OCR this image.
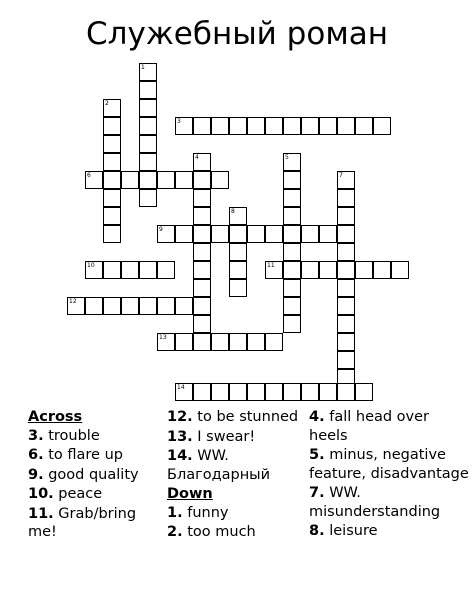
Служебный роман
1
2
3
4	5
6	7
8
9
10	11
12
13
14
Across
3. trouble
6. to flare up
9. good quality
10. peace
11. Grab/bring me!
12. to be stunned
13. I swear!
14. WW. Благодарный
Down
1. funny
2. too much
4. fall head over heels
5. minus, negative feature, disadvantage
7. WW. misunderstanding
8. leisure
